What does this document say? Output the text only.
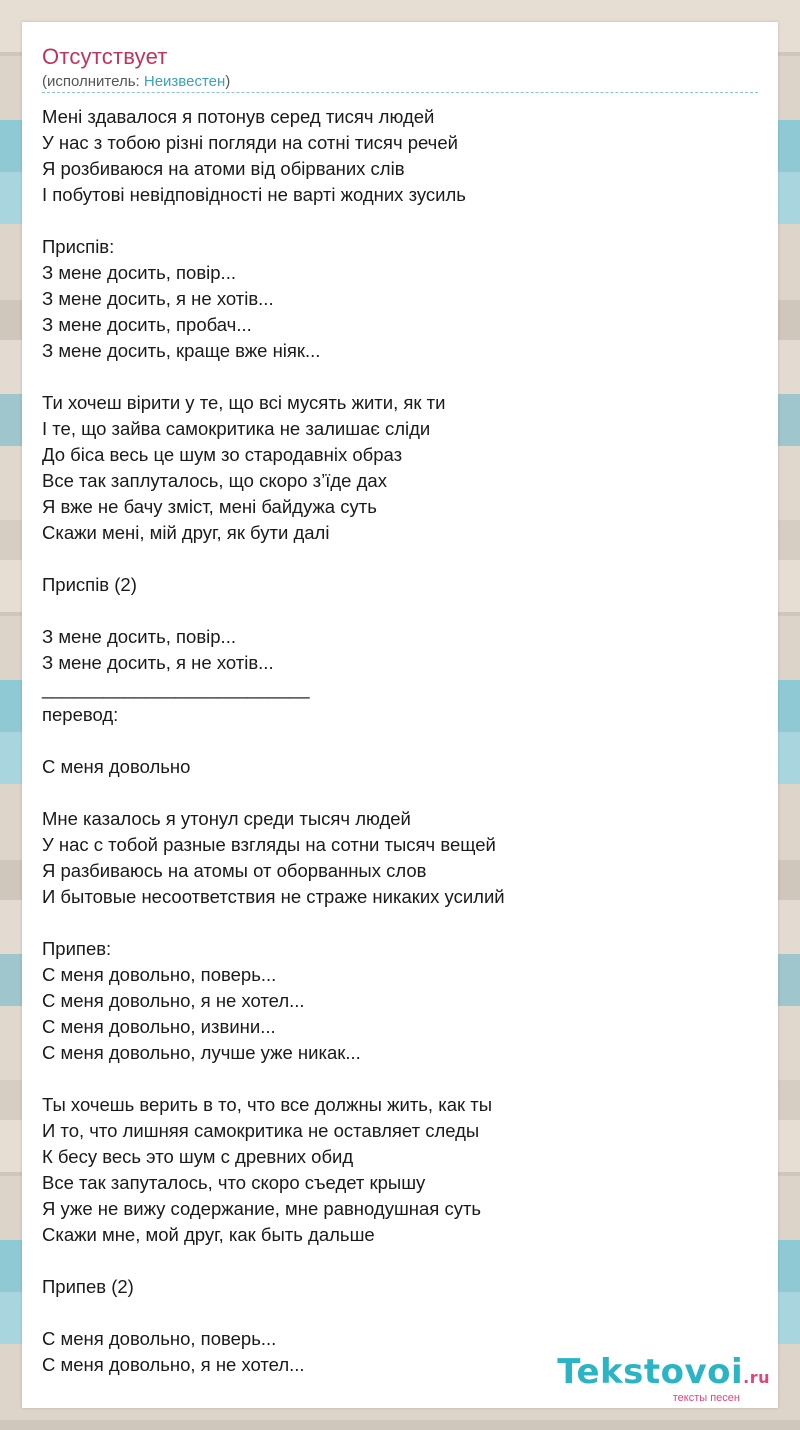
Отсутствует
(исполнитель: Неизвестен)
Мені здавалося я потонув серед тисяч людей
У нас з тобою різні погляди на сотні тисяч речей
Я розбиваюся на атоми від обірваних слів
І побутові невідповідності не варті жодних зусиль
Приспів:
З мене досить, повір...
З мене досить, я не хотів...
З мене досить, пробач...
З мене досить, краще вже ніяк...
Ти хочеш вірити у те, що всі мусять жити, як ти
І те, що зайва самокритика не залишає сліди
До біса весь це шум зо стародавніх образ
Все так заплуталось, що скоро з’їде дах
Я вже не бачу зміст, мені байдужа суть
Скажи мені, мій друг, як бути далі
Приспів (2)
З мене досить, повір...
З мене досить, я не хотів...
__________________________
перевод:
С меня довольно
Мне казалось я утонул среди тысяч людей
У нас с тобой разные взгляды на сотни тысяч вещей
Я разбиваюсь на атомы от оборванных слов
И бытовые несоответствия не страже никаких усилий
Припев:
С меня довольно, поверь...
С меня довольно, я не хотел...
С меня довольно, извини...
С меня довольно, лучше уже никак...
Ты хочешь верить в то, что все должны жить, как ты
И то, что лишняя самокритика не оставляет следы
К бесу весь это шум с древних обид
Все так запуталось, что скоро съедет крышу
Я уже не вижу содержание, мне равнодушная суть
Скажи мне, мой друг, как быть дальше
Припев (2)
С меня довольно, поверь...
С меня довольно, я не хотел...	Tekstovoi.ru
тексты песен
